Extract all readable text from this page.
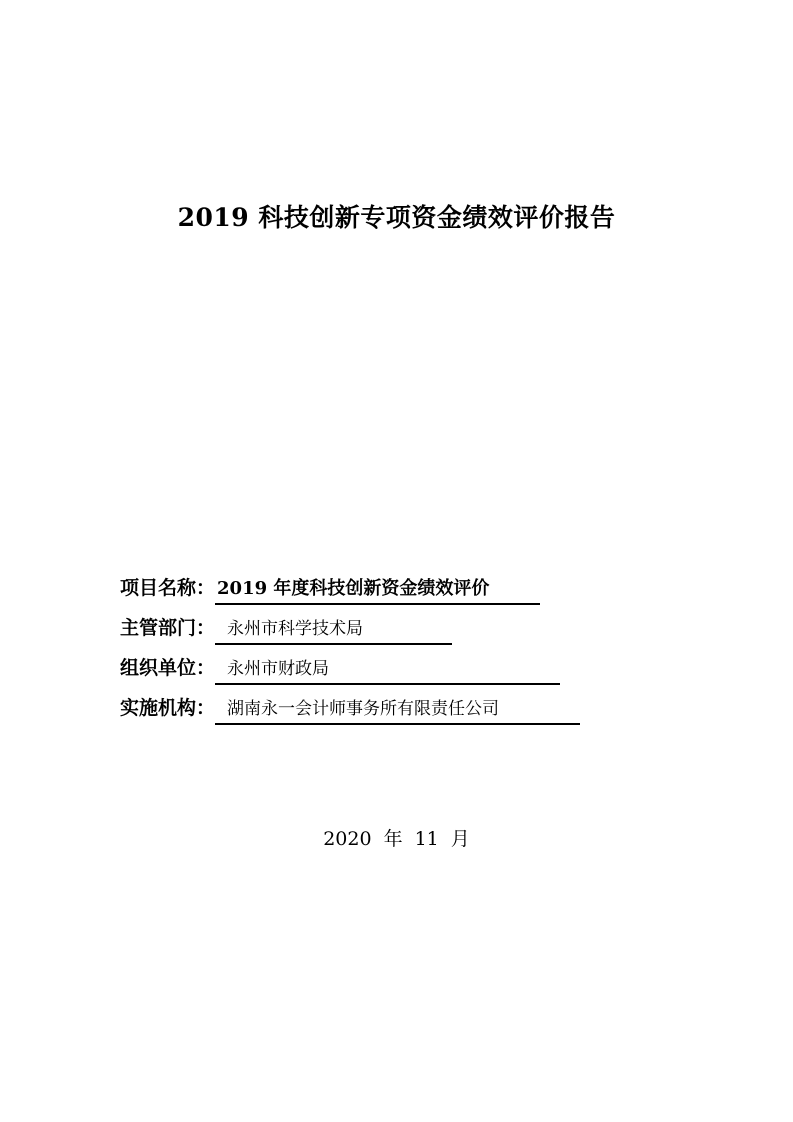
2019 科技创新专项资金绩效评价报告
项目名称： 2019 年度科技创新资金绩效评价
主管部门： 永州市科学技术局
组织单位： 永州市财政局
实施机构： 湖南永一会计师事务所有限责任公司
2020 年 11 月
